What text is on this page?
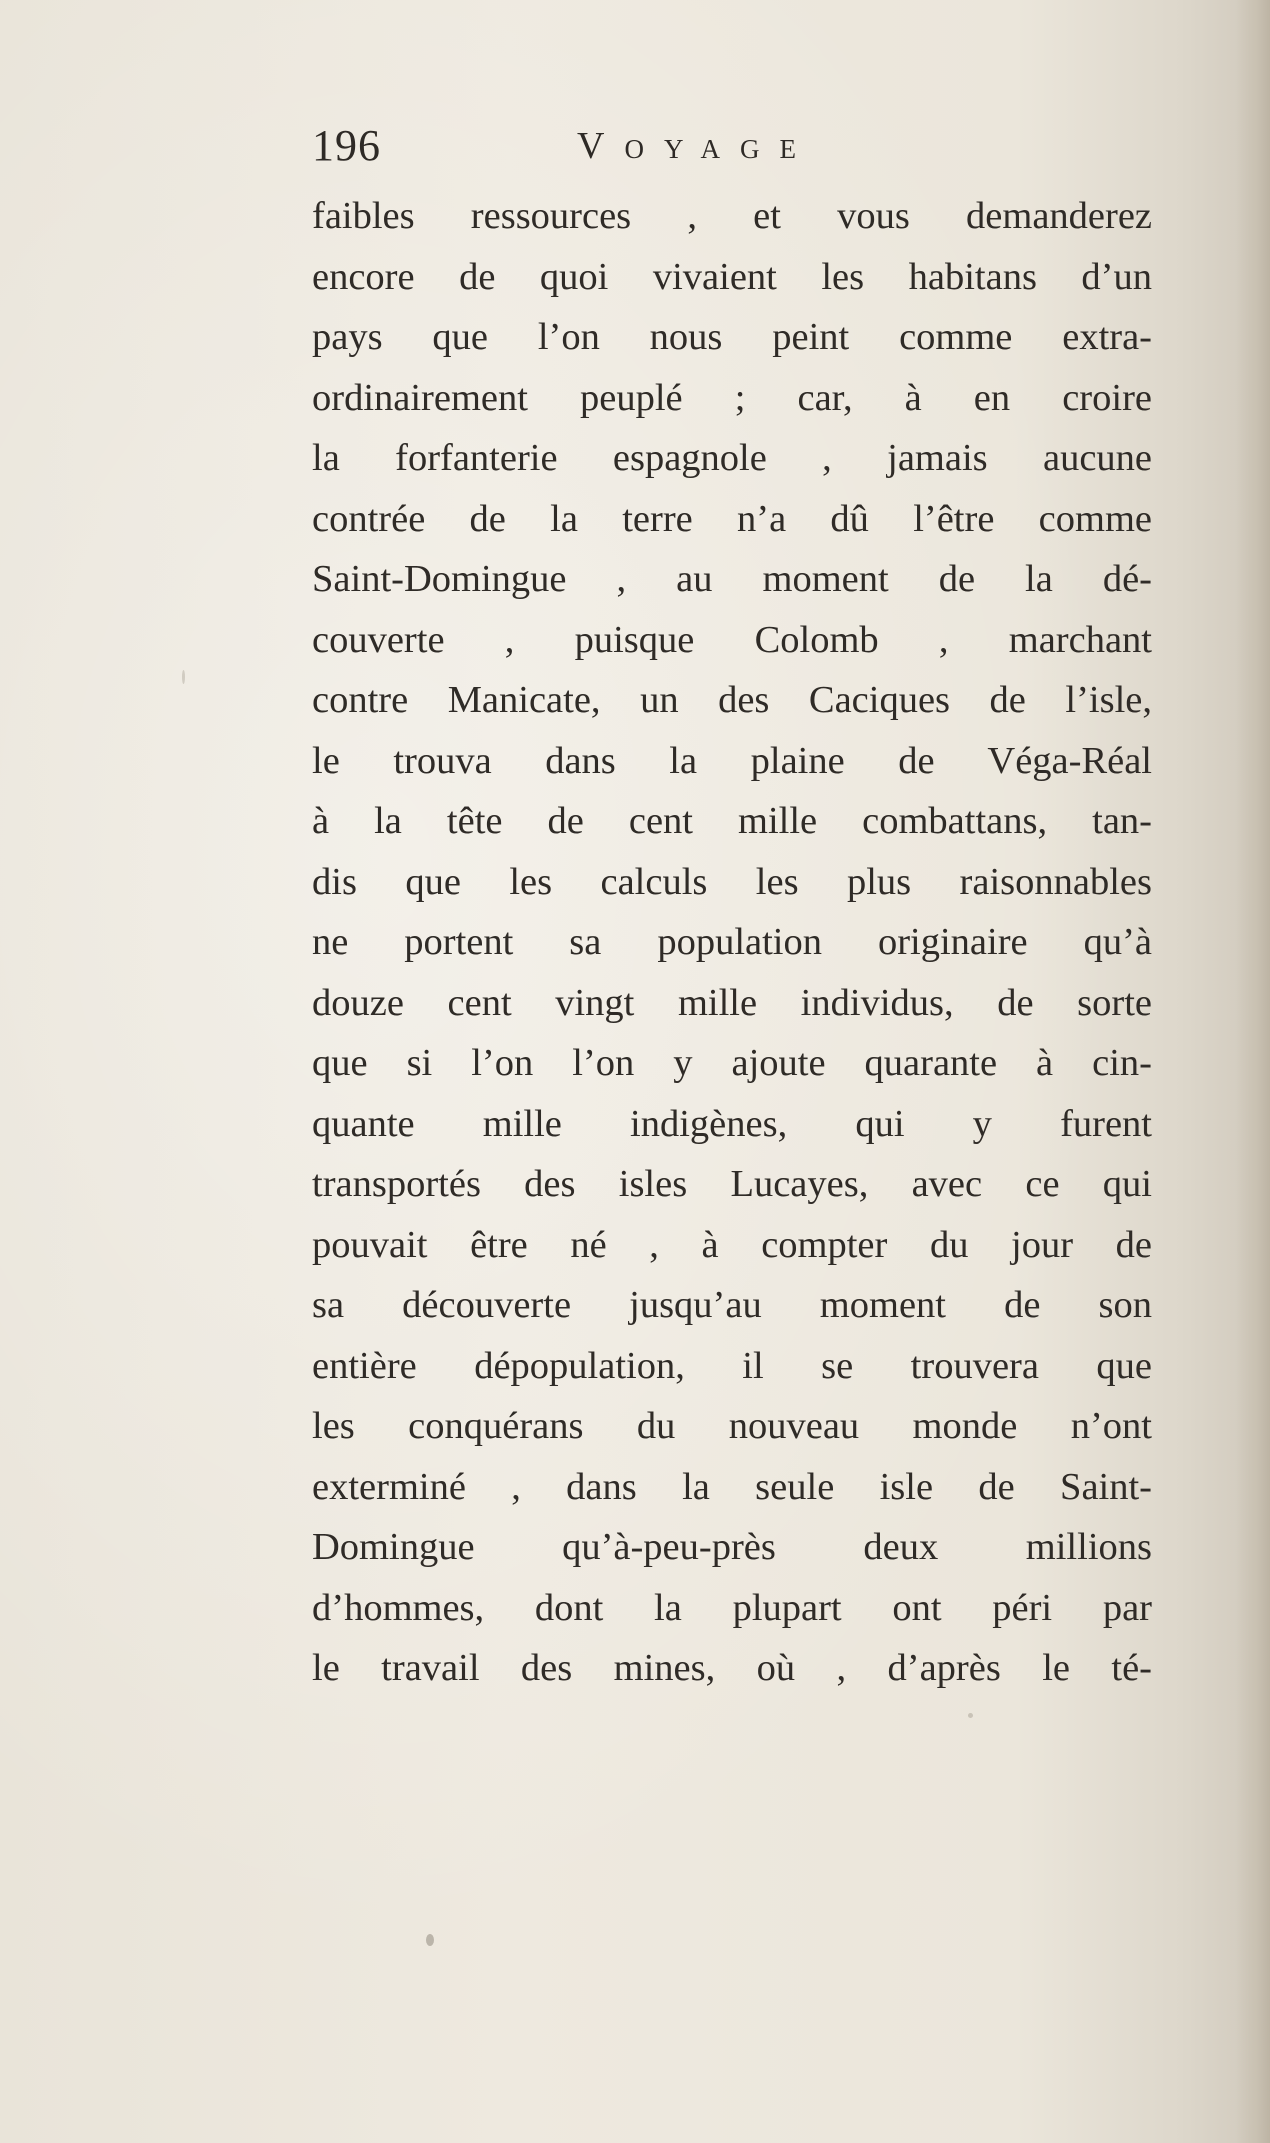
196	Voyage
faibles ressources , et vous demanderez
encore de quoi vivaient les habitans d’un
pays que l’on nous peint comme extra-
ordinairement peuplé ; car, à en croire
la forfanterie espagnole , jamais aucune
contrée de la terre n’a dû l’être comme
Saint-Domingue , au moment de la dé-
couverte , puisque Colomb , marchant
contre Manicate, un des Caciques de l’isle,
le trouva dans la plaine de Véga-Réal
à la tête de cent mille combattans, tan-
dis que les calculs les plus raisonnables
ne portent sa population originaire qu’à
douze cent vingt mille individus, de sorte
que si l’on l’on y ajoute quarante à cin-
quante mille indigènes, qui y furent
transportés des isles Lucayes, avec ce qui
pouvait être né , à compter du jour de
sa découverte jusqu’au moment de son
entière dépopulation, il se trouvera que
les conquérans du nouveau monde n’ont
exterminé , dans la seule isle de Saint-
Domingue qu’à-peu-près deux millions
d’hommes, dont la plupart ont péri par
le travail des mines, où , d’après le té-
